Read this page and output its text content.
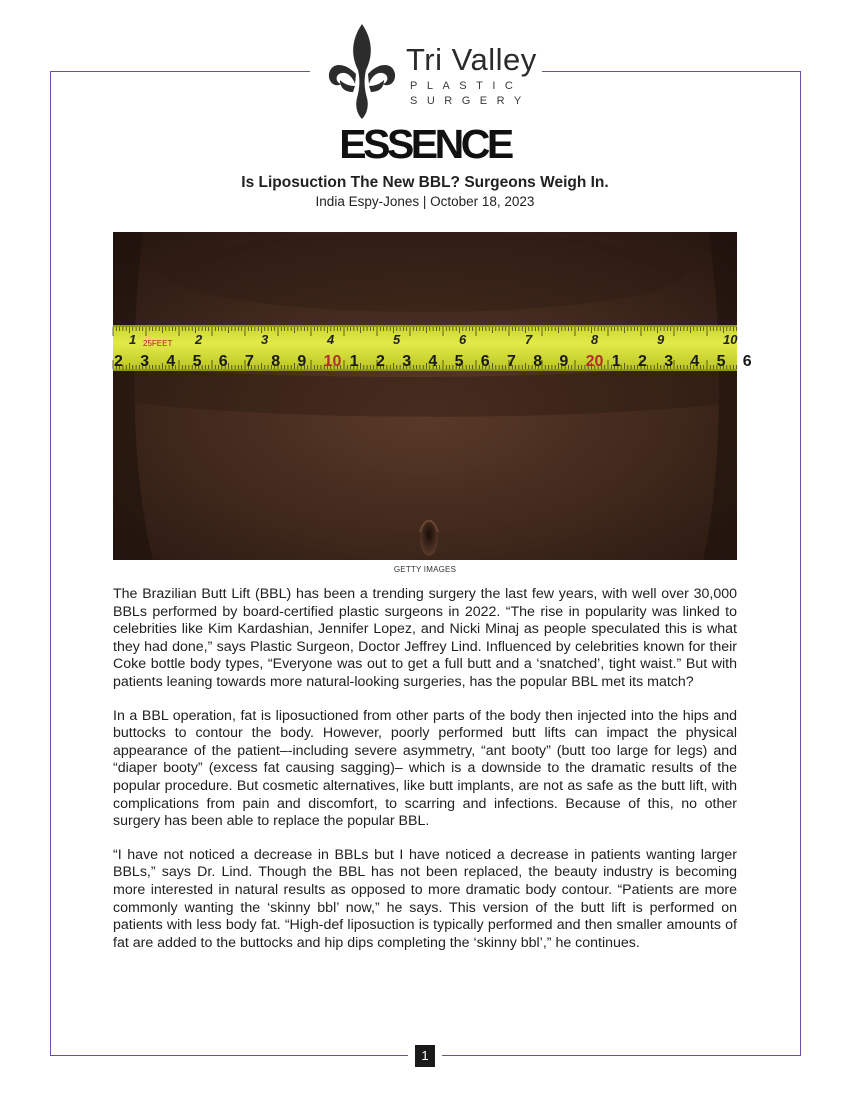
Tri Valley
PLASTIC
SURGERY
ESSENCE
Is Liposuction The New BBL? Surgeons Weigh In.
India Espy-Jones | October 18, 2023
25FEET
1	2	3	4	5	6	7	8	9	10
2 3 4 5 6 7 8 9 10 1 2 3 4 5 6 7 8 9 20 1 2 3 4 5 6
GETTY IMAGES

The Brazilian Butt Lift (BBL) has been a trending surgery the last few years, with well over 30,000 BBLs performed by board-certified plastic surgeons in 2022. “The rise in popularity was linked to celebrities like Kim Kardashian, Jennifer Lopez, and Nicki Minaj as people speculated this is what they had done,” says Plastic Surgeon, Doctor Jeffrey Lind. Influenced by celebrities known for their Coke bottle body types, “Everyone was out to get a full butt and a ‘snatched’, tight waist.” But with patients leaning towards more natural-looking surgeries, has the popular BBL met its match?

In a BBL operation, fat is liposuctioned from other parts of the body then injected into the hips and buttocks to contour the body. However, poorly performed butt lifts can impact the physical appearance of the patient–-including severe asymmetry, “ant booty” (butt too large for legs) and “diaper booty” (excess fat causing sagging)– which is a downside to the dramatic results of the popular procedure. But cosmetic alternatives, like butt implants, are not as safe as the butt lift, with complications from pain and discomfort, to scarring and infections. Because of this, no other surgery has been able to replace the popular BBL.

“I have not noticed a decrease in BBLs but I have noticed a decrease in patients wanting larger BBLs,” says Dr. Lind. Though the BBL has not been replaced, the beauty industry is becoming more interested in natural results as opposed to more dramatic body contour. “Patients are more commonly wanting the ‘skinny bbl’ now,” he says. This version of the butt lift is performed on patients with less body fat. “High-def liposuction is typically performed and then smaller amounts of fat are added to the buttocks and hip dips completing the ‘skinny bbl’,” he continues.

1
